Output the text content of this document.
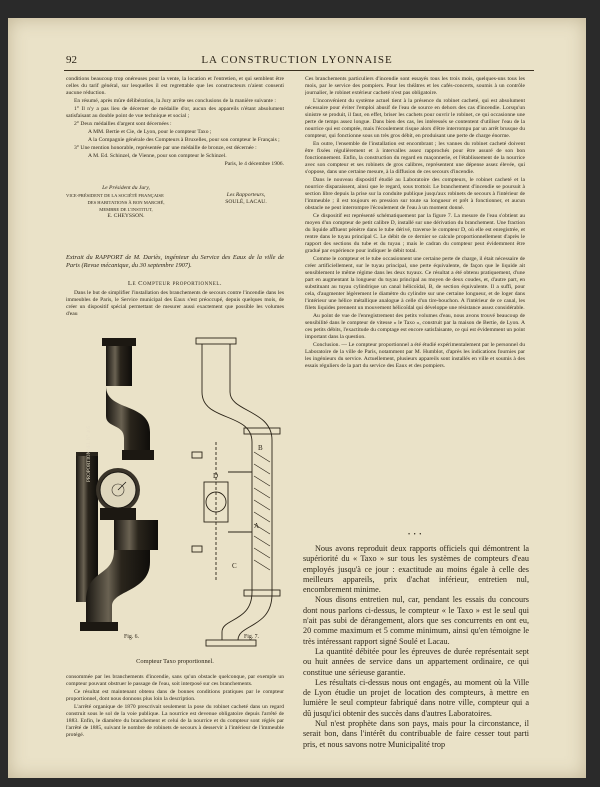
92	LA CONSTRUCTION LYONNAISE

conditions beaucoup trop onéreuses pour la vente, la location et l'entretien, et qui semblent être celles du tarif général, sur lesquelles il est regrettable que les constructeurs n'aient consenti aucune réduction.

En résumé, après mûre délibération, la Jury arrête ses conclusions de la manière suivante :

1° Il n'y a pas lieu de décerner de médaille d'or, aucun des appareils n'étant absolument satisfaisant au double point de vue technique et social ;

2° Deux médailles d'argent sont décernées :

A MM. Bertie et Cie, de Lyon, pour le compteur Taxo ;

A la Compagnie générale des Compteurs à Bruxelles, pour son compteur le Français ;

3° Une mention honorable, représentée par une médaille de bronze, est décernée :

A M. Ed. Schinzel, de Vienne, pour son compteur le Schinzel.

Paris, le 4 décembre 1906.

Le Président du Jury,
VICE-PRÉSIDENT DE LA SOCIÉTÉ FRANÇAISE
DES HABITATIONS À BON MARCHÉ,
MEMBRE DE L'INSTITUT,
E. CHEYSSON.

Les Rapporteurs,
SOULÉ, LACAU.
Extrait du RAPPORT de M. Dariès, ingénieur du Service des Eaux de la ville de Paris (Revue mécanique, du 30 septembre 1907).
Le Compteur proportionnel.

Dans le but de simplifier l'installation des branchements de secours contre l'incendie dans les immeubles de Paris, le Service municipal des Eaux s'est préoccupé, depuis quelques mois, de créer un dispositif spécial permettant de mesurer aussi exactement que possible les volumes d'eau

PROPORTIONNEL N° 405	B
D
A
C
Fig. 6.	Fig. 7.
Compteur Taxo proportionnel.

consommée par les branchements d'incendie, sans qu'un obstacle quelconque, par exemple un compteur pouvant obstruer le passage de l'eau, soit interposé sur ces branchements.

Ce résultat est maintenant obtenu dans de bonnes conditions pratiques par le compteur proportionnel, dont nous donnons plus loin la description.

L'arrêté organique de 1870 prescrivait seulement la pose du robinet cacheté dans un regard construit sous le sol de la voie publique. La nourrice est devenue obligatoire depuis l'arrêté de 1883. Enfin, le diamètre du branchement et celui de la nourrice et du compteur sont réglés par l'arrêté de 1885, suivant le nombre de robinets de secours à desservir à l'intérieur de l'immeuble protégé.

Ces branchements particuliers d'incendie sont essayés tous les trois mois, quelques-uns tous les mois, par le service des pompiers. Pour les théâtres et les cafés-concerts, soumis à un contrôle journalier, le robinet extérieur cacheté n'est pas obligatoire.

L'inconvénient du système actuel tient à la présence du robinet cacheté, qui est absolument nécessaire pour éviter l'emploi abusif de l'eau de source en dehors des cas d'incendie. Lorsqu'un sinistre se produit, il faut, en effet, briser les cachets pour ouvrir le robinet, ce qui occasionne une perte de temps assez longue. Dans bien des cas, les intéressés se contentent d'utiliser l'eau de la nourrice qui est comptée, mais l'écoulement risque alors d'être interrompu par un arrêt brusque du compteur, qui fonctionne sous un très gros débit, en produisant une perte de charge énorme.

En outre, l'ensemble de l'installation est encombrant ; les vannes du robinet cacheté doivent être fixées régulièrement et à intervalles assez rapprochés pour être assuré de son bon fonctionnement. Enfin, la construction du regard en maçonnerie, et l'établissement de la nourrice avec son compteur et ses robinets de gros calibres, représentent une dépense assez élevée, qui s'oppose, dans une certaine mesure, à la diffusion de ces secours d'incendie.

Dans le nouveau dispositif étudié au Laboratoire des compteurs, le robinet cacheté et la nourrice disparaissent, ainsi que le regard, sous trottoir. Le branchement d'incendie se poursuit à section libre depuis la prise sur la conduite publique jusqu'aux robinets de secours à l'intérieur de l'immeuble ; il est toujours en pression sur toute sa longueur et prêt à fonctionner, et aucun obstacle ne peut interrompre l'écoulement de l'eau à un moment donné.

Ce dispositif est représenté schématiquement par la figure 7. La mesure de l'eau s'obtient au moyen d'un compteur de petit calibre D, installé sur une dérivation du branchement. Une fraction du liquide affluent pénètre dans le tube dérivé, traverse le compteur D, où elle est enregistrée, et rentre dans le tuyau principal C. Le débit de ce dernier se calcule proportionnellement d'après le rapport des sections du tube et du tuyau ; mais le cadran du compteur peut évidemment être gradué par expérience pour indiquer le débit total.

Comme le compteur et le tube occasionnent une certaine perte de charge, il était nécessaire de créer artificiellement, sur le tuyau principal, une perte équivalente, de façon que le liquide ait sensiblement le même régime dans les deux tuyaux. Ce résultat a été obtenu pratiquement, d'une part en augmentant la longueur du tuyau principal au moyen de deux coudes, et, d'autre part, en substituant au tuyau cylindrique un canal hélicoïdal, B, de section équivalente. Il a suffi, pour cela, d'augmenter légèrement le diamètre du cylindre sur une certaine longueur, et de loger dans l'intérieur une hélice métallique analogue à celle d'un tire-bouchon. A l'intérieur de ce canal, les filets liquides prennent un mouvement hélicoïdal qui développe une résistance assez considérable.

Au point de vue de l'enregistrement des petits volumes d'eau, nous avons trouvé beaucoup de sensibilité dans le compteur de vitesse « le Taxo », construit par la maison de Bertie, de Lyon. A ces petits débits, l'exactitude du comptage est encore satisfaisante, ce qui est évidemment un point important dans la question.

Conclusion. — Le compteur proportionnel a été étudié expérimentalement par le personnel du Laboratoire de la ville de Paris, notamment par M. Humblot, d'après les indications fournies par les ingénieurs du service. Actuellement, plusieurs appareils sont installés en ville et soumis à des essais réguliers de la part du service des Eaux et des pompiers.

• • •

Nous avons reproduit deux rapports officiels qui démontrent la supériorité du « Taxo » sur tous les systèmes de compteurs d'eau employés jusqu'à ce jour : exactitude au moins égale à celle des meilleurs appareils, prix d'achat inférieur, entretien nul, encombrement minime.

Nous disons entretien nul, car, pendant les essais du concours dont nous parlons ci-dessus, le compteur « le Taxo » est le seul qui n'ait pas subi de dérangement, alors que ses concurrents en ont eu, 20 comme maximum et 5 comme minimum, ainsi qu'en témoigne le très intéressant rapport signé Soulé et Lacau.

La quantité débitée pour les épreuves de durée représentait sept ou huit années de service dans un appartement ordinaire, ce qui constitue une sérieuse garantie.

Les résultats ci-dessus nous ont engagés, au moment où la Ville de Lyon étudie un projet de location des compteurs, à mettre en lumière le seul compteur fabriqué dans notre ville, compteur qui a dû jusqu'ici obtenir des succès dans d'autres Laboratoires.

Nul n'est prophète dans son pays, mais pour la circonstance, il serait bon, dans l'intérêt du contribuable de faire cesser tout parti pris, et nous savons notre Municipalité trop
